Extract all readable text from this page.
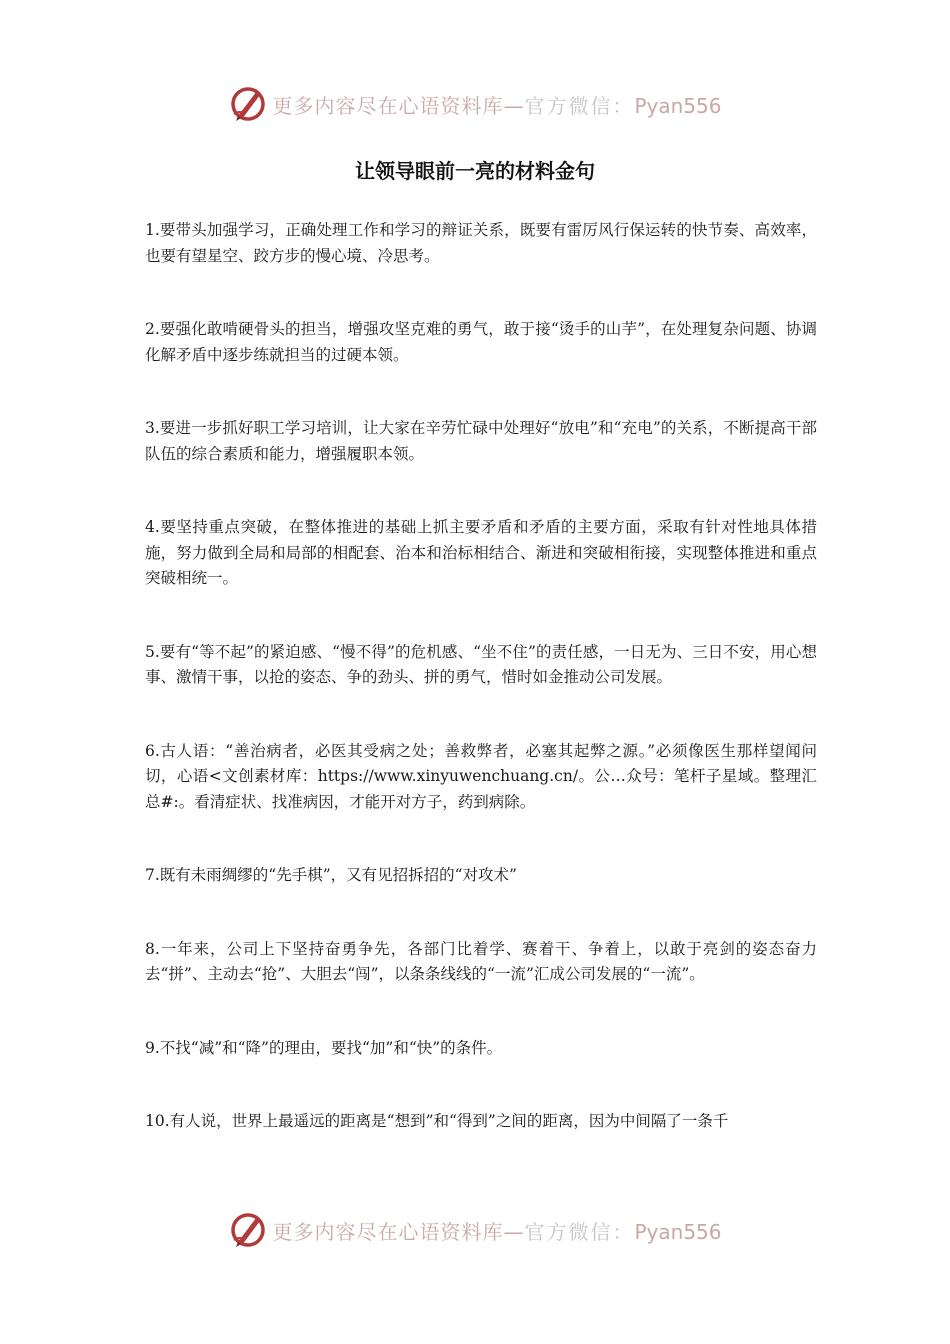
更多内容尽在心语资料库—官方微信：Pyan556
让领导眼前一亮的材料金句

1.要带头加强学习，正确处理工作和学习的辩证关系，既要有雷厉风行保运转的快节奏、高效率，也要有望星空、跤方步的慢心境、冷思考。

2.要强化敢啃硬骨头的担当，增强攻坚克难的勇气，敢于接“烫手的山芋”，在处理复杂问题、协调化解矛盾中逐步练就担当的过硬本领。

3.要进一步抓好职工学习培训，让大家在辛劳忙碌中处理好“放电”和“充电”的关系，不断提高干部队伍的综合素质和能力，增强履职本领。

4.要坚持重点突破，在整体推进的基础上抓主要矛盾和矛盾的主要方面，采取有针对性地具体措施，努力做到全局和局部的相配套、治本和治标相结合、渐进和突破相衔接，实现整体推进和重点突破相统一。

5.要有“等不起”的紧迫感、“慢不得”的危机感、“坐不住”的责任感，一日无为、三日不安，用心想事、激情干事，以抢的姿态、争的劲头、拼的勇气，惜时如金推动公司发展。

6.古人语：“善治病者，必医其受病之处；善救弊者，必塞其起弊之源。”必须像医生那样望闻问切，心语<文创素材库：https://www.xinyuwenchuang.cn/。公…众号：笔杆子星域。整理汇总#:。看清症状、找准病因，才能开对方子，药到病除。

7.既有未雨绸缪的“先手棋”，又有见招拆招的“对攻术”

8.一年来，公司上下坚持奋勇争先，各部门比着学、赛着干、争着上，以敢于亮剑的姿态奋力去“拼”、主动去“抢”、大胆去“闯”，以条条线线的“一流”汇成公司发展的“一流”。

9.不找“减”和“降”的理由，要找“加”和“快”的条件。

10.有人说，世界上最遥远的距离是“想到”和“得到”之间的距离，因为中间隔了一条千

更多内容尽在心语资料库—官方微信：Pyan556
